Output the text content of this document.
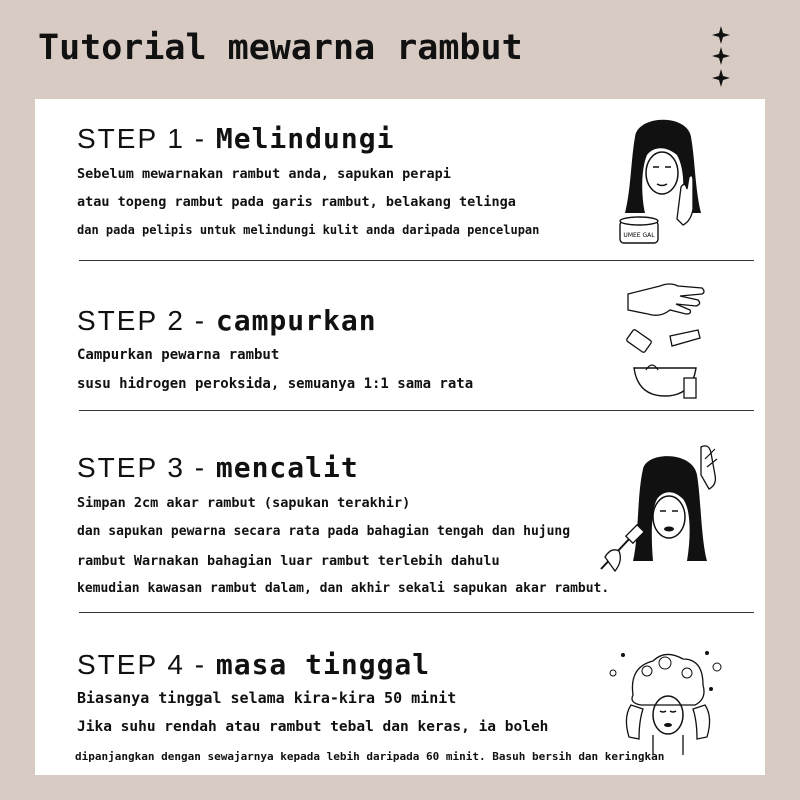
Tutorial mewarna rambut
STEP 1 - Melindungi
Sebelum mewarnakan rambut anda, sapukan perapi
atau topeng rambut pada garis rambut, belakang telinga
dan pada pelipis untuk melindungi kulit anda daripada pencelupan	UMEE GAL
STEP 2 - campurkan
Campurkan pewarna rambut
susu hidrogen peroksida, semuanya 1:1 sama rata
STEP 3 - mencalit
Simpan 2cm akar rambut (sapukan terakhir)
dan sapukan pewarna secara rata pada bahagian tengah dan hujung
rambut Warnakan bahagian luar rambut terlebih dahulu
kemudian kawasan rambut dalam, dan akhir sekali sapukan akar rambut.
STEP 4 - masa tinggal
Biasanya tinggal selama kira-kira 50 minit
Jika suhu rendah atau rambut tebal dan keras, ia boleh
dipanjangkan dengan sewajarnya kepada lebih daripada 60 minit. Basuh bersih dan keringkan
